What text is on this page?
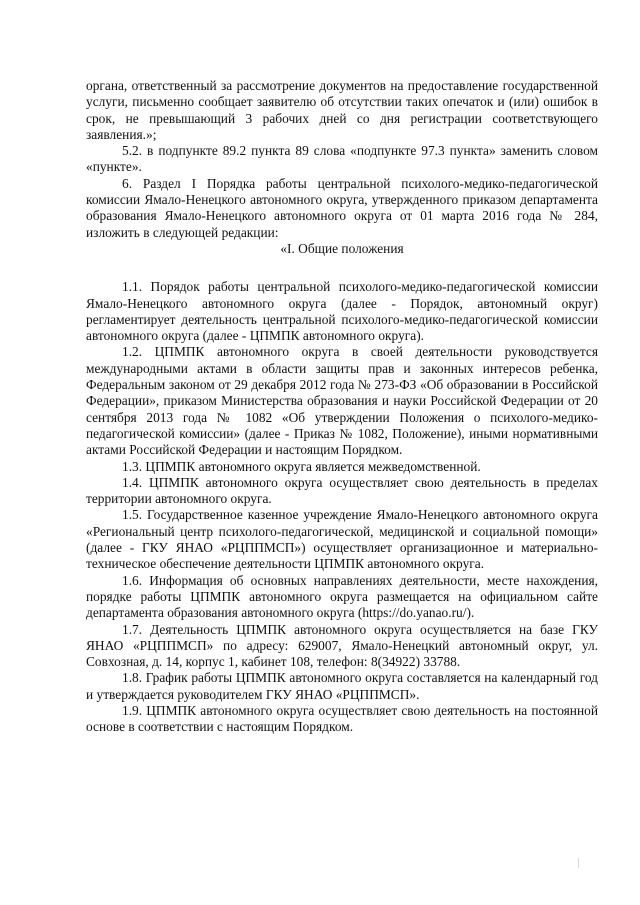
органа, ответственный за рассмотрение документов на предоставление государственной услуги, письменно сообщает заявителю об отсутствии таких опечаток и (или) ошибок в срок, не превышающий 3 рабочих дней со дня регистрации соответствующего заявления.»;

5.2. в подпункте 89.2 пункта 89 слова «подпункте 97.3 пункта» заменить словом «пункте».

6. Раздел I Порядка работы центральной психолого-медико-педагогической комиссии Ямало-Ненецкого автономного округа, утвержденного приказом департамента образования Ямало-Ненецкого автономного округа от 01 марта 2016 года № 284, изложить в следующей редакции:

«I. Общие положения

1.1. Порядок работы центральной психолого-медико-педагогической комиссии Ямало-Ненецкого автономного округа (далее - Порядок, автономный округ) регламентирует деятельность центральной психолого-медико-педагогической комиссии автономного округа (далее - ЦПМПК автономного округа).

1.2. ЦПМПК автономного округа в своей деятельности руководствуется международными актами в области защиты прав и законных интересов ребенка, Федеральным законом от 29 декабря 2012 года № 273-ФЗ «Об образовании в Российской Федерации», приказом Министерства образования и науки Российской Федерации от 20 сентября 2013 года № 1082 «Об утверждении Положения о психолого-медико-педагогической комиссии» (далее - Приказ № 1082, Положение), иными нормативными актами Российской Федерации и настоящим Порядком.

1.3. ЦПМПК автономного округа является межведомственной.

1.4. ЦПМПК автономного округа осуществляет свою деятельность в пределах территории автономного округа.

1.5. Государственное казенное учреждение Ямало-Ненецкого автономного округа «Региональный центр психолого-педагогической, медицинской и социальной помощи» (далее - ГКУ ЯНАО «РЦППМСП») осуществляет организационное и материально-техническое обеспечение деятельности ЦПМПК автономного округа.

1.6. Информация об основных направлениях деятельности, месте нахождения, порядке работы ЦПМПК автономного округа размещается на официальном сайте департамента образования автономного округа (https://do.yanao.ru/).

1.7. Деятельность ЦПМПК автономного округа осуществляется на базе ГКУ ЯНАО «РЦППМСП» по адресу: 629007, Ямало-Ненецкий автономный округ, ул. Совхозная, д. 14, корпус 1, кабинет 108, телефон: 8(34922) 33788.

1.8. График работы ЦПМПК автономного округа составляется на календарный год и утверждается руководителем ГКУ ЯНАО «РЦППМСП».

1.9. ЦПМПК автономного округа осуществляет свою деятельность на постоянной основе в соответствии с настоящим Порядком.
